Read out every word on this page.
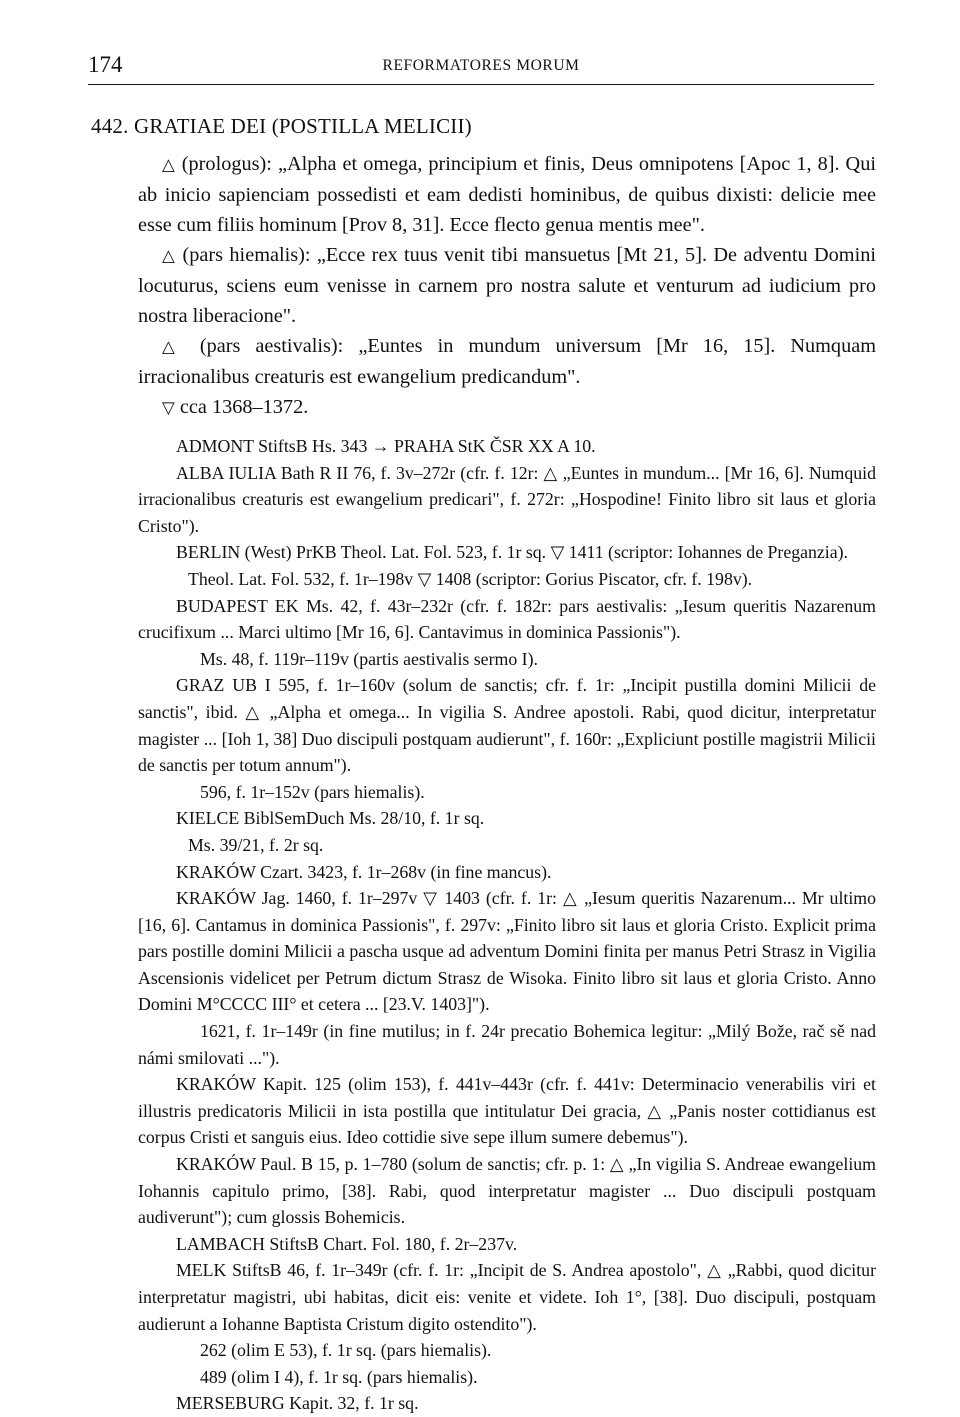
174	REFORMATORES MORUM
442. GRATIAE DEI (POSTILLA MELICII)

△ (prologus): „Alpha et omega, principium et finis, Deus omnipotens [Apoc 1, 8]. Qui ab inicio sapienciam possedisti et eam dedisti hominibus, de quibus dixisti: delicie mee esse cum filiis hominum [Prov 8, 31]. Ecce flecto genua mentis mee".

△ (pars hiemalis): „Ecce rex tuus venit tibi mansuetus [Mt 21, 5]. De adventu Domini locuturus, sciens eum venisse in carnem pro nostra salute et venturum ad iudicium pro nostra liberacione".

△ (pars aestivalis): „Euntes in mundum universum [Mr 16, 15]. Numquam irracionalibus creaturis est ewangelium predicandum".

▽ cca 1368–1372.

ADMONT StiftsB Hs. 343 → PRAHA StK ČSR XX A 10.

ALBA IULIA Bath R II 76, f. 3v–272r (cfr. f. 12r: △ „Euntes in mundum... [Mr 16, 6]. Numquid irracionalibus creaturis est ewangelium predicari", f. 272r: „Hospodine! Finito libro sit laus et gloria Cristo").

BERLIN (West) PrKB Theol. Lat. Fol. 523, f. 1r sq. ▽ 1411 (scriptor: Iohannes de Preganzia).

Theol. Lat. Fol. 532, f. 1r–198v ▽ 1408 (scriptor: Gorius Piscator, cfr. f. 198v).

BUDAPEST EK Ms. 42, f. 43r–232r (cfr. f. 182r: pars aestivalis: „Iesum queritis Nazarenum crucifixum ... Marci ultimo [Mr 16, 6]. Cantavimus in dominica Passionis").

Ms. 48, f. 119r–119v (partis aestivalis sermo I).

GRAZ UB I 595, f. 1r–160v (solum de sanctis; cfr. f. 1r: „Incipit pustilla domini Milicii de sanctis", ibid. △ „Alpha et omega... In vigilia S. Andree apostoli. Rabi, quod dicitur, interpretatur magister ... [Ioh 1, 38] Duo discipuli postquam audierunt", f. 160r: „Expliciunt postille magistrii Milicii de sanctis per totum annum").

596, f. 1r–152v (pars hiemalis).

KIELCE BiblSemDuch Ms. 28/10, f. 1r sq.

Ms. 39/21, f. 2r sq.

KRAKÓW Czart. 3423, f. 1r–268v (in fine mancus).

KRAKÓW Jag. 1460, f. 1r–297v ▽ 1403 (cfr. f. 1r: △ „Iesum queritis Nazarenum... Mr ultimo [16, 6]. Cantamus in dominica Passionis", f. 297v: „Finito libro sit laus et gloria Cristo. Explicit prima pars postille domini Milicii a pascha usque ad adventum Domini finita per manus Petri Strasz in Vigilia Ascensionis videlicet per Petrum dictum Strasz de Wisoka. Finito libro sit laus et gloria Cristo. Anno Domini M°CCCC III° et cetera ... [23.V. 1403]").

1621, f. 1r–149r (in fine mutilus; in f. 24r precatio Bohemica legitur: „Milý Bože, rač sě nad námi smilovati ...").

KRAKÓW Kapit. 125 (olim 153), f. 441v–443r (cfr. f. 441v: Determinacio venerabilis viri et illustris predicatoris Milicii in ista postilla que intitulatur Dei gracia, △ „Panis noster cottidianus est corpus Cristi et sanguis eius. Ideo cottidie sive sepe illum sumere debemus").

KRAKÓW Paul. B 15, p. 1–780 (solum de sanctis; cfr. p. 1: △ „In vigilia S. Andreae ewangelium Iohannis capitulo primo, [38]. Rabi, quod interpretatur magister ... Duo discipuli postquam audiverunt"); cum glossis Bohemicis.

LAMBACH StiftsB Chart. Fol. 180, f. 2r–237v.

MELK StiftsB 46, f. 1r–349r (cfr. f. 1r: „Incipit de S. Andrea apostolo", △ „Rabbi, quod dicitur interpretatur magistri, ubi habitas, dicit eis: venite et videte. Ioh 1°, [38]. Duo discipuli, postquam audierunt a Iohanne Baptista Cristum digito ostendito").

262 (olim E 53), f. 1r sq. (pars hiemalis).

489 (olim I 4), f. 1r sq. (pars hiemalis).

MERSEBURG Kapit. 32, f. 1r sq.
